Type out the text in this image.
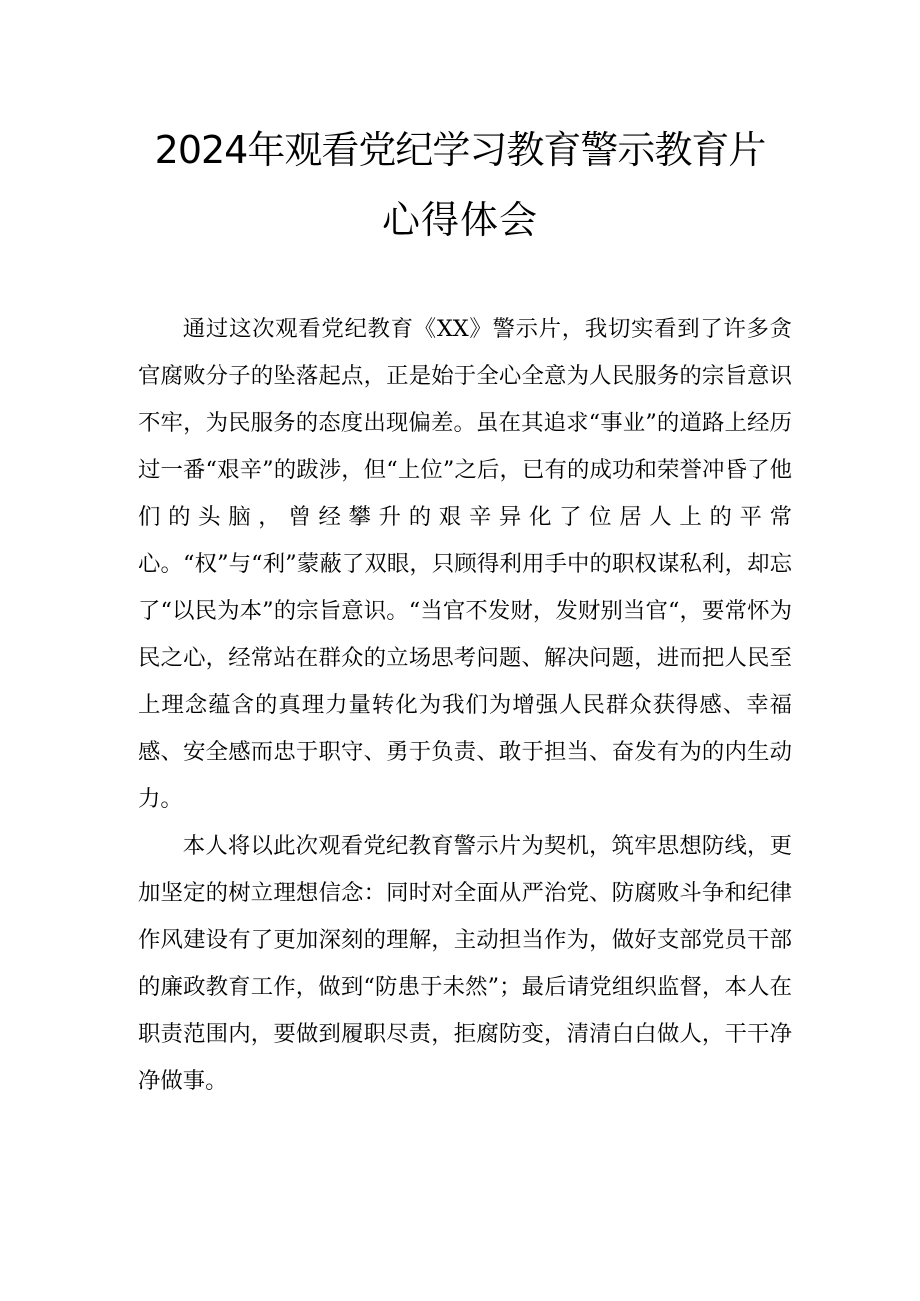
2024年观看党纪学习教育警示教育片
心得体会

通过这次观看党纪教育《XX》警示片，我切实看到了许多贪官腐败分子的坠落起点，正是始于全心全意为人民服务的宗旨意识不牢，为民服务的态度出现偏差。虽在其追求“事业”的道路上经历过一番“艰辛”的跋涉，但“上位”之后，已有的成功和荣誉冲昏了他们的头脑，曾经攀升的艰辛异化了位居人上的平常心。“权”与“利”蒙蔽了双眼，只顾得利用手中的职权谋私利，却忘了“以民为本”的宗旨意识。“当官不发财，发财别当官“，要常怀为民之心，经常站在群众的立场思考问题、解决问题，进而把人民至上理念蕴含的真理力量转化为我们为增强人民群众获得感、幸福感、安全感而忠于职守、勇于负责、敢于担当、奋发有为的内生动力。

本人将以此次观看党纪教育警示片为契机，筑牢思想防线，更加坚定的树立理想信念：同时对全面从严治党、防腐败斗争和纪律作风建设有了更加深刻的理解，主动担当作为，做好支部党员干部的廉政教育工作，做到“防患于未然”；最后请党组织监督，本人在职责范围内，要做到履职尽责，拒腐防变，清清白白做人，干干净净做事。
